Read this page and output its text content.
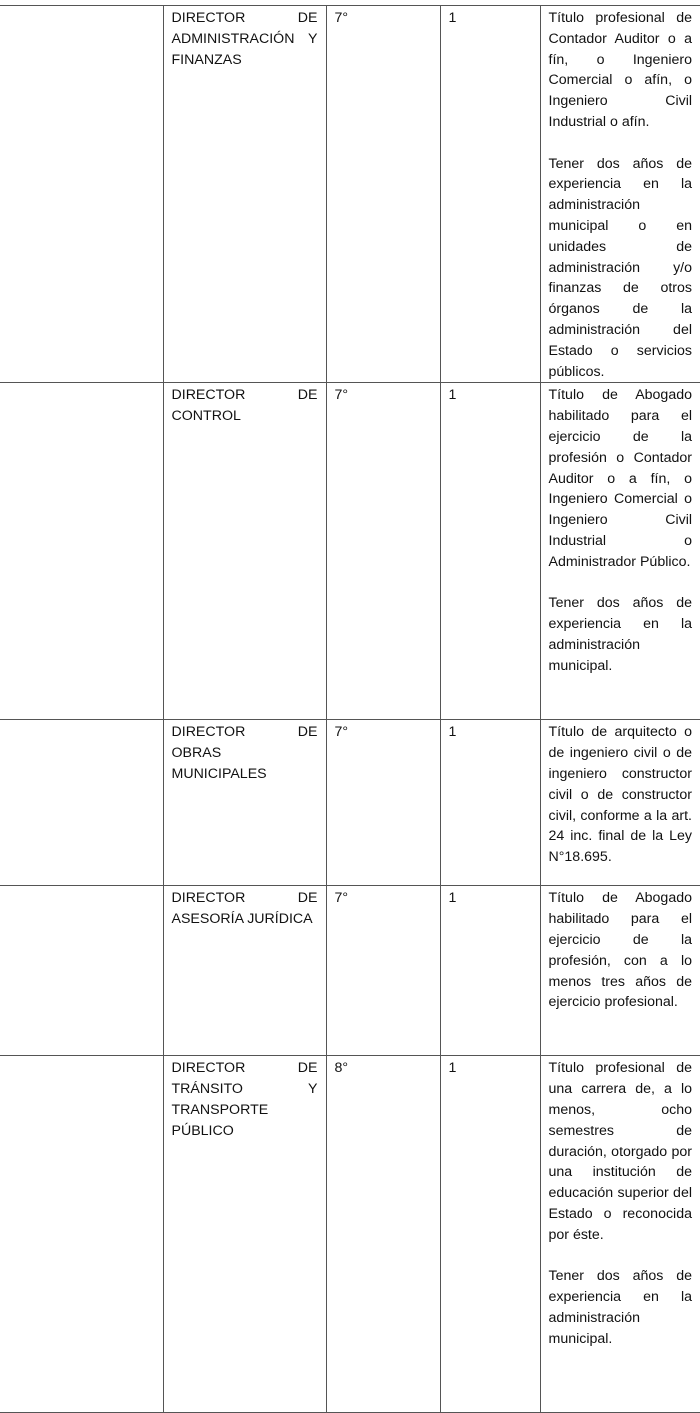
	DIRECTOR DE ADMINISTRACIÓN Y FINANZAS	7°	1	Título profesional de Contador Auditor o a fín, o Ingeniero Comercial o afín, o Ingeniero Civil Industrial o afín.

Tener dos años de experiencia en la administración municipal o en unidades de administración y/o finanzas de otros órganos de la administración del Estado o servicios públicos.

	DIRECTOR DE CONTROL	7°	1	Título de Abogado habilitado para el ejercicio de la profesión o Contador Auditor o a fín, o Ingeniero Comercial o Ingeniero Civil Industrial o Administrador Público.

Tener dos años de experiencia en la administración municipal.

	DIRECTOR DE OBRAS MUNICIPALES	7°	1	Título de arquitecto o de ingeniero civil o de ingeniero constructor civil o de constructor civil, conforme a la art. 24 inc. final de la Ley N°18.695.

	DIRECTOR DE ASESORÍA JURÍDICA	7°	1	Título de Abogado habilitado para el ejercicio de la profesión, con a lo menos tres años de ejercicio profesional.

	DIRECTOR DE TRÁNSITO Y TRANSPORTE PÚBLICO	8°	1	Título profesional de una carrera de, a lo menos, ocho semestres de duración, otorgado por una institución de educación superior del Estado o reconocida por éste.

Tener dos años de experiencia en la administración municipal.
